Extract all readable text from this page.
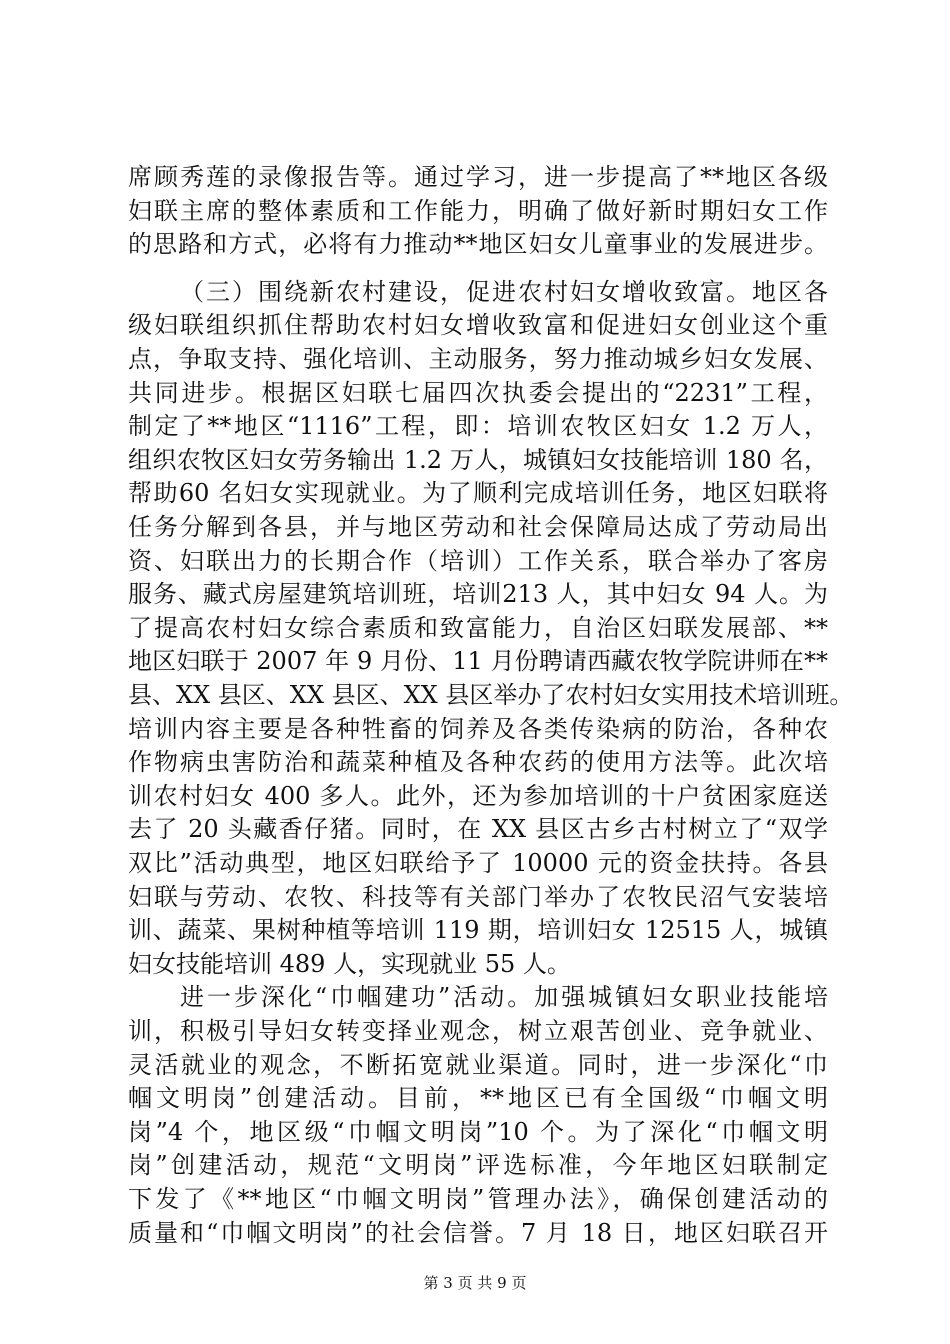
席顾秀莲的录像报告等。通过学习，进一步提高了**地区各级
妇联主席的整体素质和工作能力，明确了做好新时期妇女工作
的思路和方式，必将有力推动**地区妇女儿童事业的发展进步。
（三）围绕新农村建设，促进农村妇女增收致富。地区各
级妇联组织抓住帮助农村妇女增收致富和促进妇女创业这个重
点，争取支持、强化培训、主动服务，努力推动城乡妇女发展、
共同进步。根据区妇联七届四次执委会提出的“2231”工程，
制定了**地区“1116”工程，即：培训农牧区妇女 1.2 万人，
组织农牧区妇女劳务输出 1.2 万人，城镇妇女技能培训 180 名，
帮助60 名妇女实现就业。为了顺利完成培训任务，地区妇联将
任务分解到各县，并与地区劳动和社会保障局达成了劳动局出
资、妇联出力的长期合作（培训）工作关系，联合举办了客房
服务、藏式房屋建筑培训班，培训213 人，其中妇女 94 人。为
了提高农村妇女综合素质和致富能力，自治区妇联发展部、**
地区妇联于 2007 年 9 月份、11 月份聘请西藏农牧学院讲师在**
县、XX 县区、XX 县区、XX 县区举办了农村妇女实用技术培训班。
培训内容主要是各种牲畜的饲养及各类传染病的防治，各种农
作物病虫害防治和蔬菜种植及各种农药的使用方法等。此次培
训农村妇女 400 多人。此外，还为参加培训的十户贫困家庭送
去了 20 头藏香仔猪。同时，在 XX 县区古乡古村树立了“双学
双比”活动典型，地区妇联给予了 10000 元的资金扶持。各县
妇联与劳动、农牧、科技等有关部门举办了农牧民沼气安装培
训、蔬菜、果树种植等培训 119 期，培训妇女 12515 人，城镇
妇女技能培训 489 人，实现就业 55 人。
进一步深化“巾帼建功”活动。加强城镇妇女职业技能培
训，积极引导妇女转变择业观念，树立艰苦创业、竞争就业、
灵活就业的观念，不断拓宽就业渠道。同时，进一步深化“巾
帼文明岗”创建活动。目前，**地区已有全国级“巾帼文明
岗”4 个，地区级“巾帼文明岗”10 个。为了深化“巾帼文明
岗”创建活动，规范“文明岗”评选标准，今年地区妇联制定
下发了《**地区“巾帼文明岗”管理办法》，确保创建活动的
质量和“巾帼文明岗”的社会信誉。7 月 18 日，地区妇联召开
第 3 页 共 9 页
